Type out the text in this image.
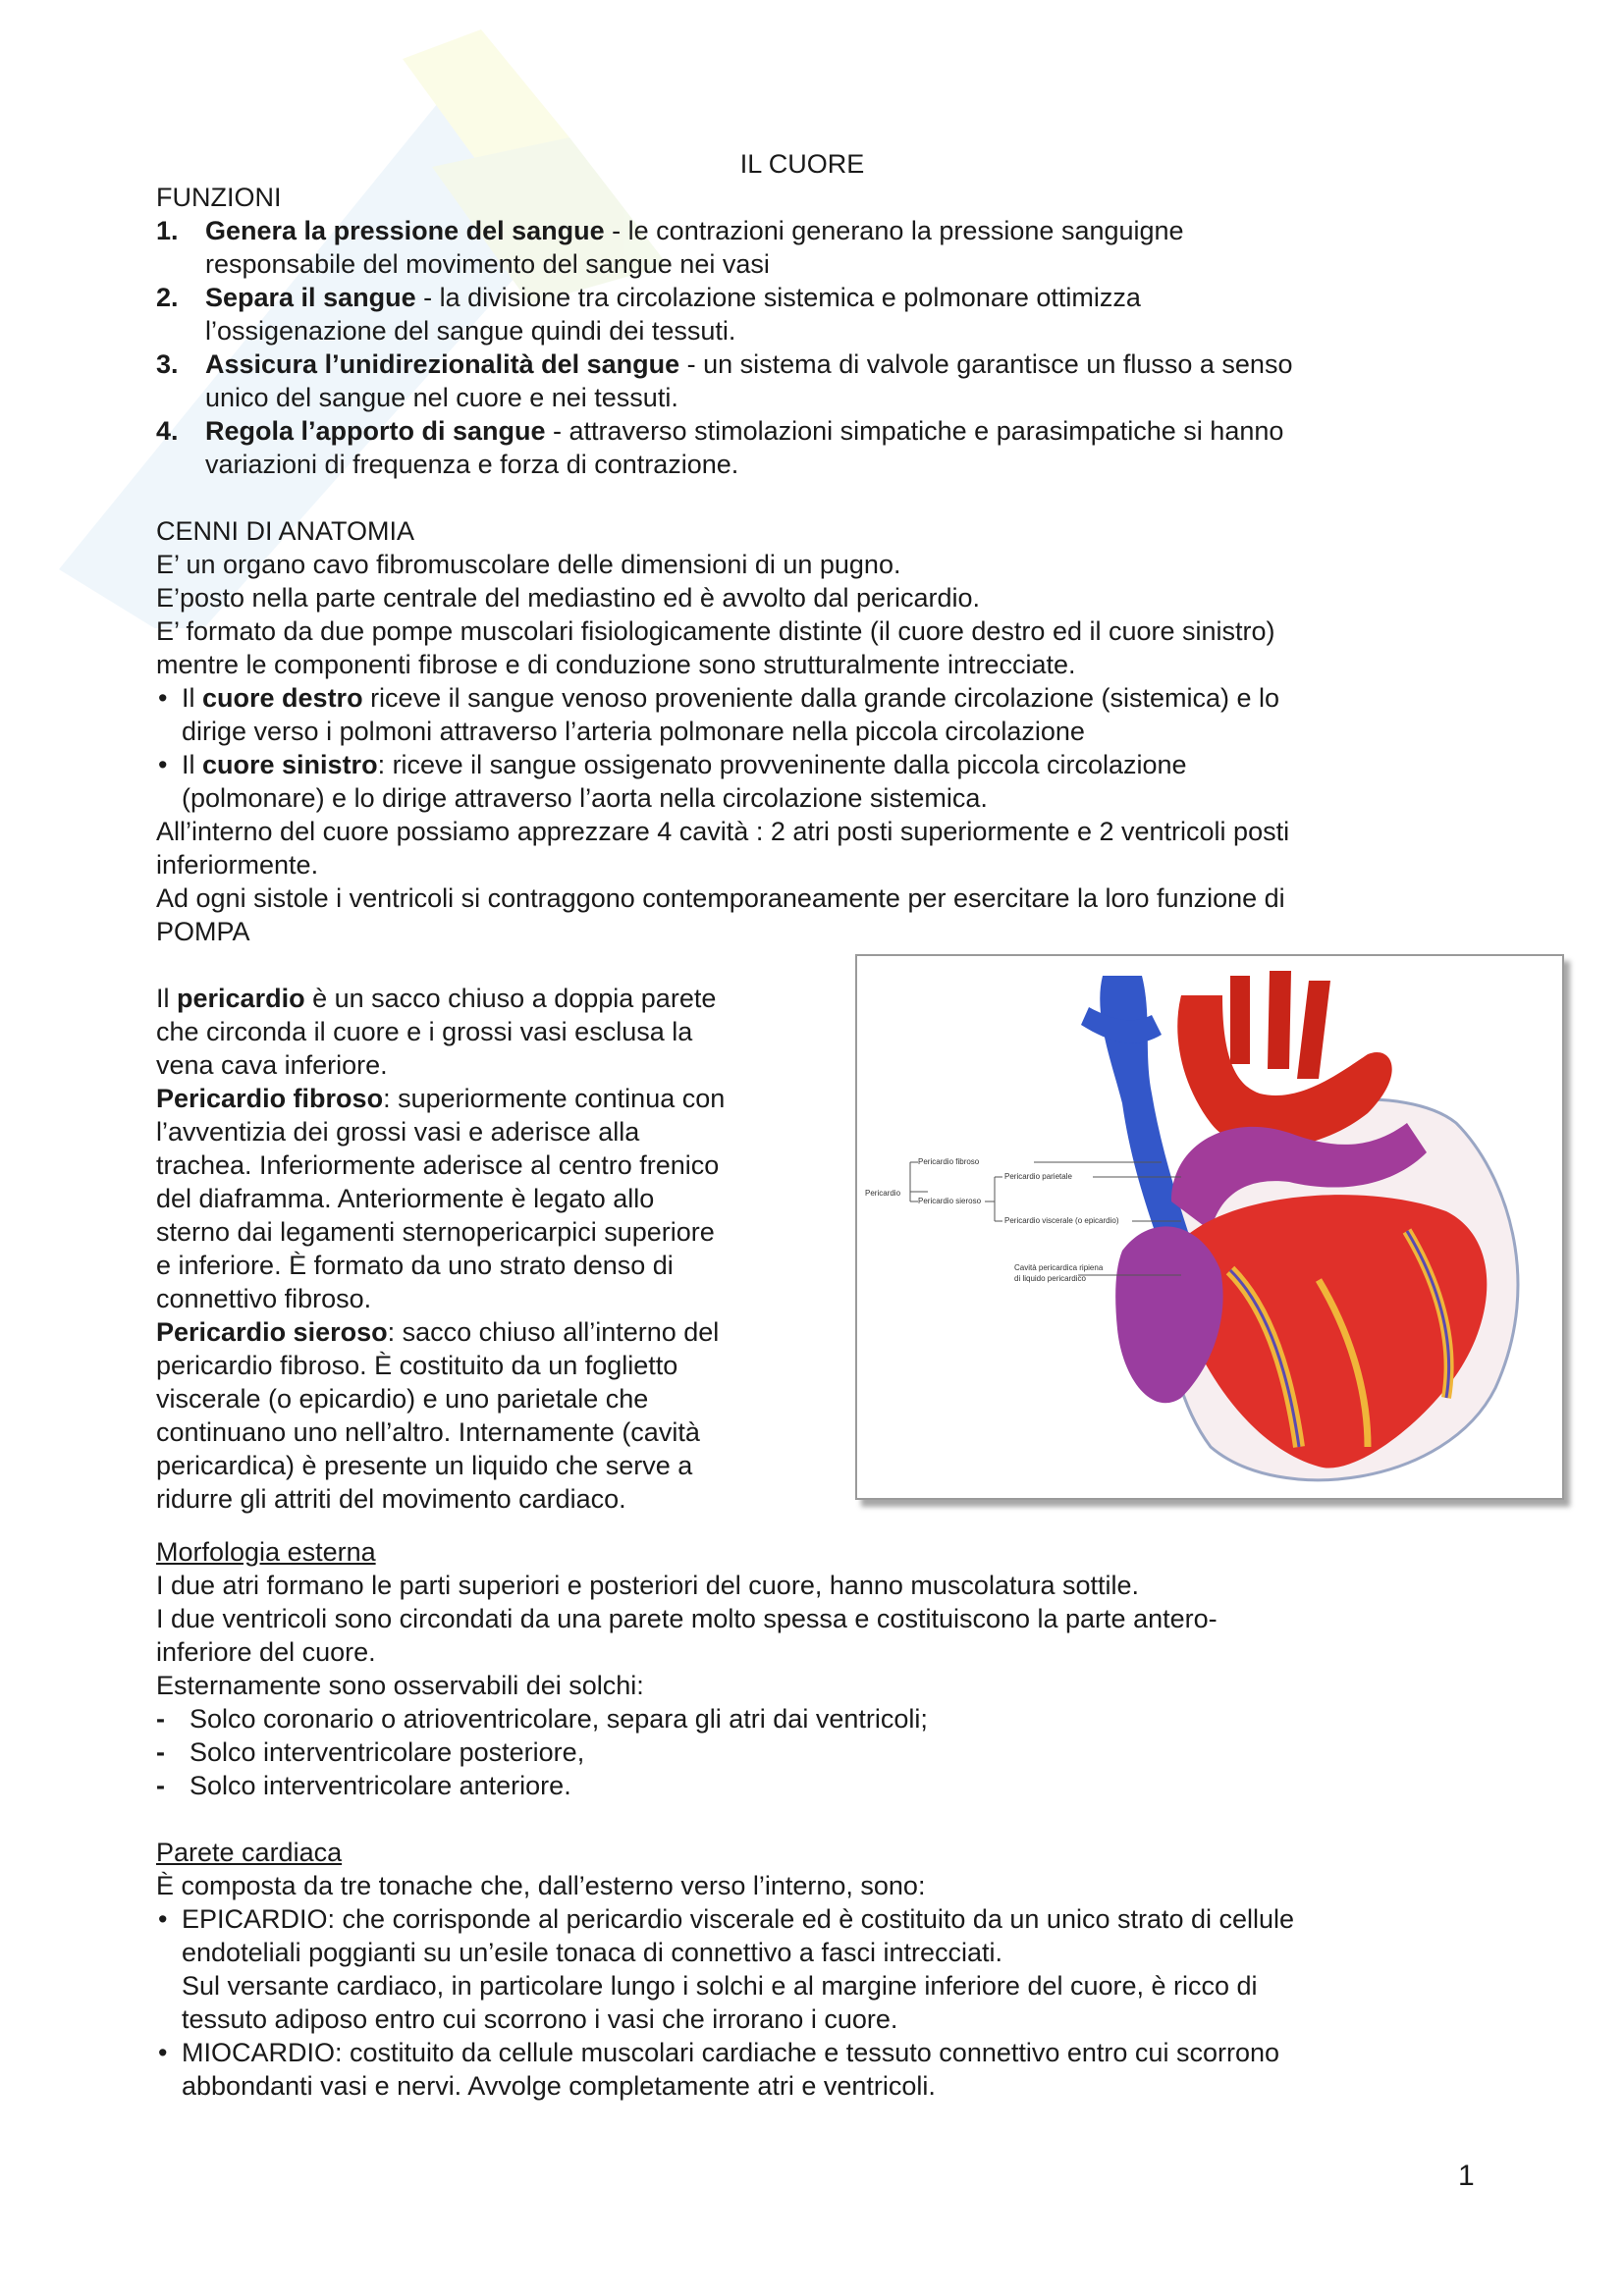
IL CUORE
FUNZIONI
1. Genera la pressione del sangue - le contrazioni generano la pressione sanguigne
responsabile del movimento del sangue nei vasi
2. Separa il sangue - la divisione tra circolazione sistemica e polmonare ottimizza
l’ossigenazione del sangue quindi dei tessuti.
3. Assicura l’unidirezionalità del sangue - un sistema di valvole garantisce un flusso a senso
unico del sangue nel cuore e nei tessuti.
4. Regola l’apporto di sangue - attraverso stimolazioni simpatiche e parasimpatiche si hanno
variazioni di frequenza e forza di contrazione.
CENNI DI ANATOMIA
E’ un organo cavo fibromuscolare delle dimensioni di un pugno.
E’posto nella parte centrale del mediastino ed è avvolto dal pericardio.
E’ formato da due pompe muscolari fisiologicamente distinte (il cuore destro ed il cuore sinistro)
mentre le componenti fibrose e di conduzione sono strutturalmente intrecciate.
• Il cuore destro riceve il sangue venoso proveniente dalla grande circolazione (sistemica) e lo
dirige verso i polmoni attraverso l’arteria polmonare nella piccola circolazione
• Il cuore sinistro: riceve il sangue ossigenato provveninente dalla piccola circolazione
(polmonare) e lo dirige attraverso l’aorta nella circolazione sistemica.
All’interno del cuore possiamo apprezzare 4 cavità : 2 atri posti superiormente e 2 ventricoli posti
inferiormente.
Ad ogni sistole i ventricoli si contraggono contemporaneamente per esercitare la loro funzione di
POMPA
Il pericardio è un sacco chiuso a doppia parete
che circonda il cuore e i grossi vasi esclusa la
vena cava inferiore.
Pericardio fibroso: superiormente continua con
l’avventizia dei grossi vasi e aderisce alla
trachea. Inferiormente aderisce al centro frenico
del diaframma. Anteriormente è legato allo
sterno dai legamenti sternopericarpici superiore
e inferiore. È formato da uno strato denso di
connettivo fibroso.
Pericardio sieroso: sacco chiuso all’interno del
pericardio fibroso. È costituito da un foglietto
viscerale (o epicardio) e uno parietale che
continuano uno nell’altro. Internamente (cavità
pericardica) è presente un liquido che serve a
ridurre gli attriti del movimento cardiaco.
Pericardio
Pericardio fibroso
Pericardio sieroso
Pericardio parietale
Pericardio viscerale (o epicardio)
Cavità pericardica ripiena
di liquido pericardico
Morfologia esterna
I due atri formano le parti superiori e posteriori del cuore, hanno muscolatura sottile.
I due ventricoli sono circondati da una parete molto spessa e costituiscono la parte antero-
inferiore del cuore.
Esternamente sono osservabili dei solchi:
- Solco coronario o atrioventricolare, separa gli atri dai ventricoli;
- Solco interventricolare posteriore,
- Solco interventricolare anteriore.
Parete cardiaca
È composta da tre tonache che, dall’esterno verso l’interno, sono:
• EPICARDIO: che corrisponde al pericardio viscerale ed è costituito da un unico strato di cellule
endoteliali poggianti su un’esile tonaca di connettivo a fasci intrecciati.
Sul versante cardiaco, in particolare lungo i solchi e al margine inferiore del cuore, è ricco di
tessuto adiposo entro cui scorrono i vasi che irrorano i cuore.
• MIOCARDIO: costituito da cellule muscolari cardiache e tessuto connettivo entro cui scorrono
abbondanti vasi e nervi. Avvolge completamente atri e ventricoli.
1
